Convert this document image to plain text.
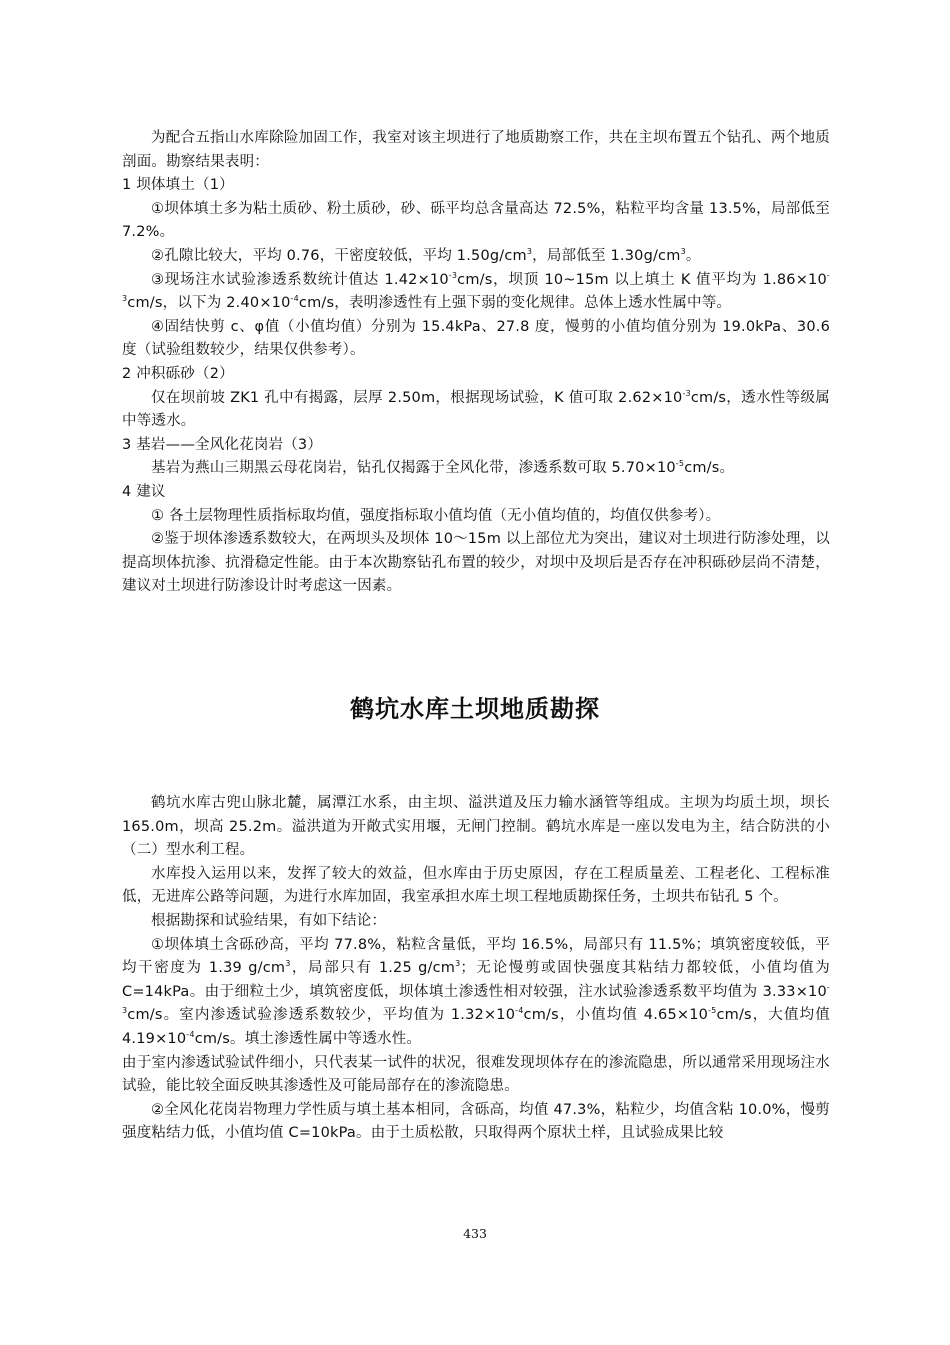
为配合五指山水库除险加固工作，我室对该主坝进行了地质勘察工作，共在主坝布置五个钻孔、两个地质剖面。勘察结果表明：

1 坝体填土（1）

①坝体填土多为粘土质砂、粉土质砂，砂、砾平均总含量高达 72.5%，粘粒平均含量 13.5%，局部低至 7.2%。

②孔隙比较大，平均 0.76，干密度较低，平均 $1.50g/cm^3$，局部低至 $1.30g/cm^3$。

③现场注水试验渗透系数统计值达 $1.42\times 10^{-3}cm/s$，坝顶 10~15m 以上填土 K 值平均为 $1.86\times 10^{-3}cm/s$，以下为 $2.40\times 10^{-4}cm/s$，表明渗透性有上强下弱的变化规律。总体上透水性属中等。

④固结快剪 c、φ值（小值均值）分别为 15.4kPa、27.8 度，慢剪的小值均值分别为 19.0kPa、30.6 度（试验组数较少，结果仅供参考）。

2 冲积砾砂（2）

仅在坝前坡 ZK1 孔中有揭露，层厚 2.50m，根据现场试验，K 值可取 $2.62\times 10^{-3}cm/s$，透水性等级属中等透水。

3 基岩——全风化花岗岩（3）

基岩为燕山三期黑云母花岗岩，钻孔仅揭露于全风化带，渗透系数可取 $5.70\times 10^{-5}cm/s$。

4 建议

① 各土层物理性质指标取均值，强度指标取小值均值（无小值均值的，均值仅供参考）。

②鉴于坝体渗透系数较大，在两坝头及坝体 10～15m 以上部位尤为突出，建议对土坝进行防渗处理，以提高坝体抗渗、抗滑稳定性能。由于本次勘察钻孔布置的较少，对坝中及坝后是否存在冲积砾砂层尚不清楚，建议对土坝进行防渗设计时考虑这一因素。

鹤坑水库土坝地质勘探

鹤坑水库古兜山脉北麓，属潭江水系，由主坝、溢洪道及压力输水涵管等组成。主坝为均质土坝，坝长 165.0m，坝高 25.2m。溢洪道为开敞式实用堰，无闸门控制。鹤坑水库是一座以发电为主，结合防洪的小（二）型水利工程。

水库投入运用以来，发挥了较大的效益，但水库由于历史原因，存在工程质量差、工程老化、工程标准低，无进库公路等问题，为进行水库加固，我室承担水库土坝工程地质勘探任务，土坝共布钻孔 5 个。

根据勘探和试验结果，有如下结论：

①坝体填土含砾砂高，平均 77.8%，粘粒含量低，平均 16.5%，局部只有 11.5%；填筑密度较低，平均干密度为 1.39 $g/cm^3$，局部只有 1.25 $g/cm^3$；无论慢剪或固快强度其粘结力都较低，小值均值为 C=14kPa。由于细粒土少，填筑密度低，坝体填土渗透性相对较强，注水试验渗透系数平均值为 $3.33\times 10^{-3}cm/s$。室内渗透试验渗透系数较少，平均值为 $1.32\times 10^{-4}cm/s$，小值均值 $4.65\times 10^{-5}cm/s$，大值均值 $4.19\times 10^{-4}cm/s$。填土渗透性属中等透水性。

由于室内渗透试验试件细小，只代表某一试件的状况，很难发现坝体存在的渗流隐患，所以通常采用现场注水试验，能比较全面反映其渗透性及可能局部存在的渗流隐患。

②全风化花岗岩物理力学性质与填土基本相同，含砾高，均值 47.3%，粘粒少，均值含粘 10.0%，慢剪强度粘结力低，小值均值 C=10kPa。由于土质松散，只取得两个原状土样，且试验成果比较

433
